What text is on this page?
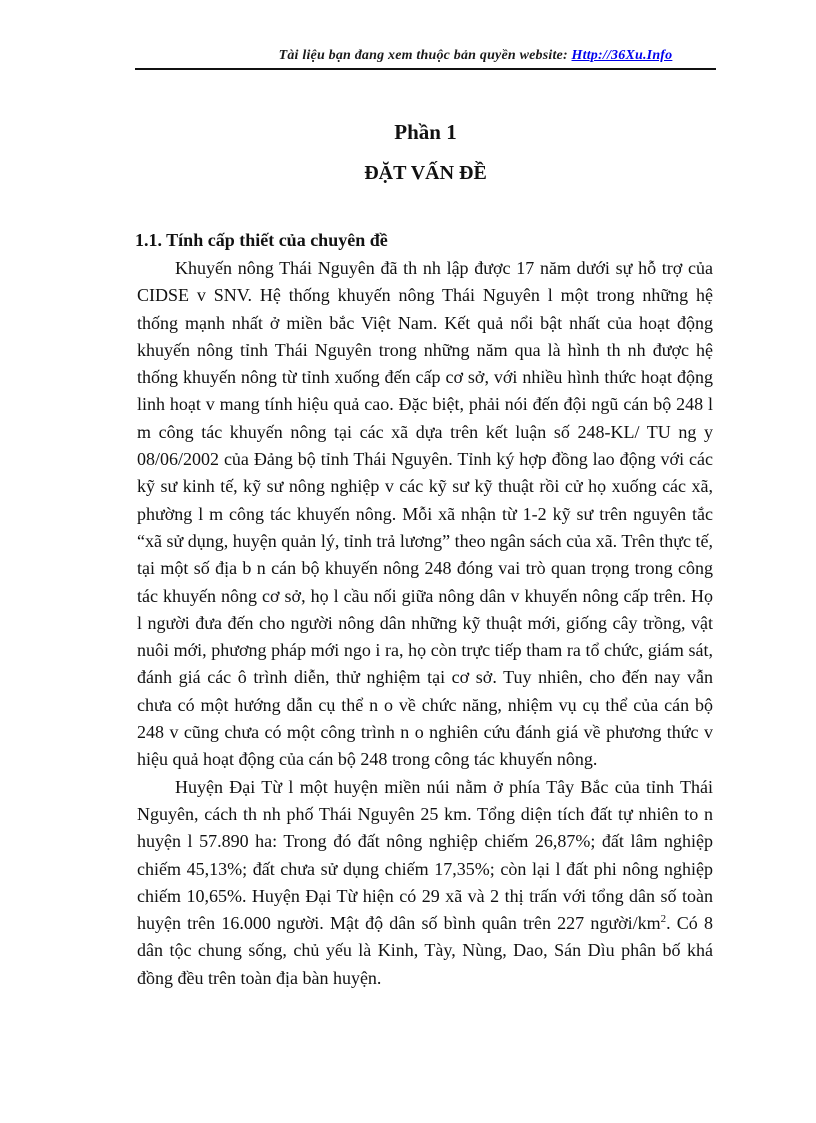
Tài liệu bạn đang xem thuộc bản quyền website: Http://36Xu.Info
Phần 1
ĐẶT VẤN ĐỀ
1.1. Tính cấp thiết của chuyên đề

Khuyến nông Thái Nguyên đã th nh lập được 17 năm dưới sự hỗ trợ của CIDSE v SNV. Hệ thống khuyến nông Thái Nguyên l một trong những hệ thống mạnh nhất ở miền bắc Việt Nam. Kết quả nổi bật nhất của hoạt động khuyến nông tỉnh Thái Nguyên trong những năm qua là hình th nh được hệ thống khuyến nông từ tỉnh xuống đến cấp cơ sở, với nhiều hình thức hoạt động linh hoạt v mang tính hiệu quả cao. Đặc biệt, phải nói đến đội ngũ cán bộ 248 l m công tác khuyến nông tại các xã dựa trên kết luận số 248-KL/ TU ng y 08/06/2002 của Đảng bộ tỉnh Thái Nguyên. Tỉnh ký hợp đồng lao động với các kỹ sư kinh tế, kỹ sư nông nghiệp v các kỹ sư kỹ thuật rồi cử họ xuống các xã, phường l m công tác khuyến nông. Mỗi xã nhận từ 1-2 kỹ sư trên nguyên tắc “xã sử dụng, huyện quản lý, tỉnh trả lương” theo ngân sách của xã. Trên thực tế, tại một số địa b n cán bộ khuyến nông 248 đóng vai trò quan trọng trong công tác khuyến nông cơ sở, họ l cầu nối giữa nông dân v khuyến nông cấp trên. Họ l người đưa đến cho người nông dân những kỹ thuật mới, giống cây trồng, vật nuôi mới, phương pháp mới ngo i ra, họ còn trực tiếp tham ra tổ chức, giám sát, đánh giá các ô trình diễn, thử nghiệm tại cơ sở. Tuy nhiên, cho đến nay vẫn chưa có một hướng dẫn cụ thể n o về chức năng, nhiệm vụ cụ thể của cán bộ 248 v cũng chưa có một công trình n o nghiên cứu đánh giá về phương thức v hiệu quả hoạt động của cán bộ 248 trong công tác khuyến nông.

Huyện Đại Từ l một huyện miền núi nằm ở phía Tây Bắc của tỉnh Thái Nguyên, cách th nh phố Thái Nguyên 25 km. Tổng diện tích đất tự nhiên to n huyện l 57.890 ha: Trong đó đất nông nghiệp chiếm 26,87%; đất lâm nghiệp chiếm 45,13%; đất chưa sử dụng chiếm 17,35%; còn lại l đất phi nông nghiệp chiếm 10,65%. Huyện Đại Từ hiện có 29 xã và 2 thị trấn với tổng dân số toàn huyện trên 16.000 người. Mật độ dân số bình quân trên 227 người/$km^2$. Có 8 dân tộc chung sống, chủ yếu là Kinh, Tày, Nùng, Dao, Sán Dìu phân bố khá đồng đều trên toàn địa bàn huyện.
